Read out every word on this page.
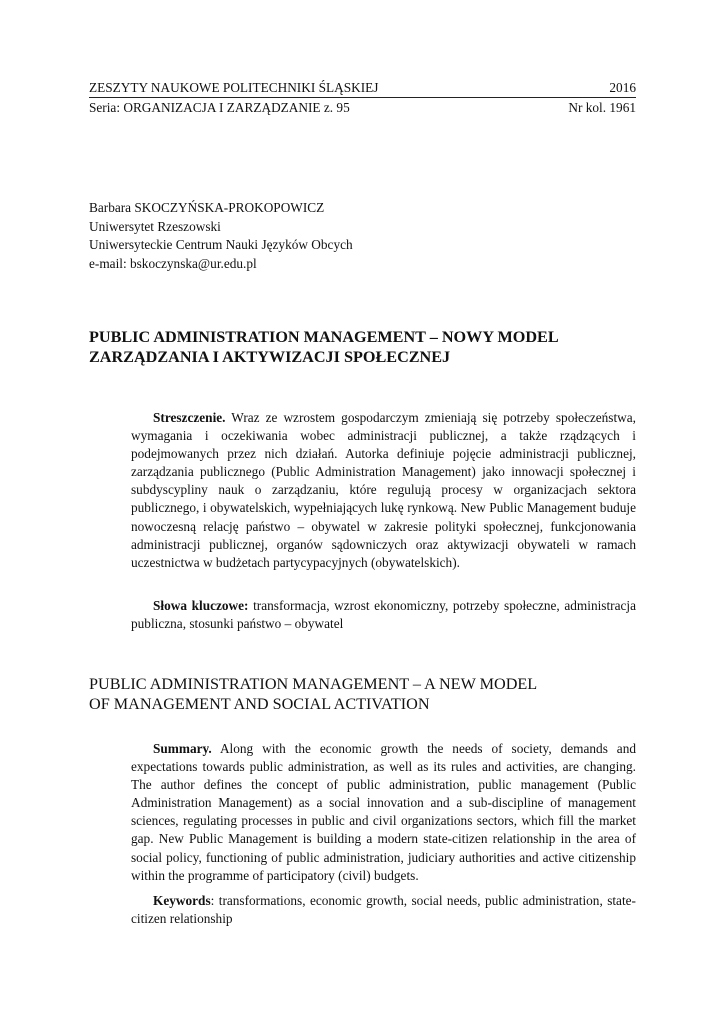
ZESZYTY NAUKOWE POLITECHNIKI ŚLĄSKIEJ	2016
Seria: ORGANIZACJA I ZARZĄDZANIE z. 95	Nr kol. 1961
Barbara SKOCZYŃSKA-PROKOPOWICZ
Uniwersytet Rzeszowski
Uniwersyteckie Centrum Nauki Języków Obcych
e-mail: bskoczynska@ur.edu.pl
PUBLIC ADMINISTRATION MANAGEMENT – NOWY MODEL
ZARZĄDZANIA I AKTYWIZACJI SPOŁECZNEJ

Streszczenie. Wraz ze wzrostem gospodarczym zmieniają się potrzeby społeczeństwa, wymagania i oczekiwania wobec administracji publicznej, a także rządzących i podejmowanych przez nich działań. Autorka definiuje pojęcie administracji publicznej, zarządzania publicznego (Public Administration Management) jako innowacji społecznej i subdyscypliny nauk o zarządzaniu, które regulują procesy w organizacjach sektora publicznego, i obywatelskich, wypełniających lukę rynkową. New Public Management buduje nowoczesną relację państwo – obywatel w zakresie polityki społecznej, funkcjonowania administracji publicznej, organów sądowniczych oraz aktywizacji obywateli w ramach uczestnictwa w budżetach partycypacyjnych (obywatelskich).

Słowa kluczowe: transformacja, wzrost ekonomiczny, potrzeby społeczne, administracja publiczna, stosunki państwo – obywatel

PUBLIC ADMINISTRATION MANAGEMENT – A NEW MODEL
OF MANAGEMENT AND SOCIAL ACTIVATION

Summary. Along with the economic growth the needs of society, demands and expectations towards public administration, as well as its rules and activities, are changing. The author defines the concept of public administration, public management (Public Administration Management) as a social innovation and a sub-discipline of management sciences, regulating processes in public and civil organizations sectors, which fill the market gap. New Public Management is building a modern state-citizen relationship in the area of social policy, functioning of public administration, judiciary authorities and active citizenship within the programme of participatory (civil) budgets.

Keywords: transformations, economic growth, social needs, public administration, state-citizen relationship
